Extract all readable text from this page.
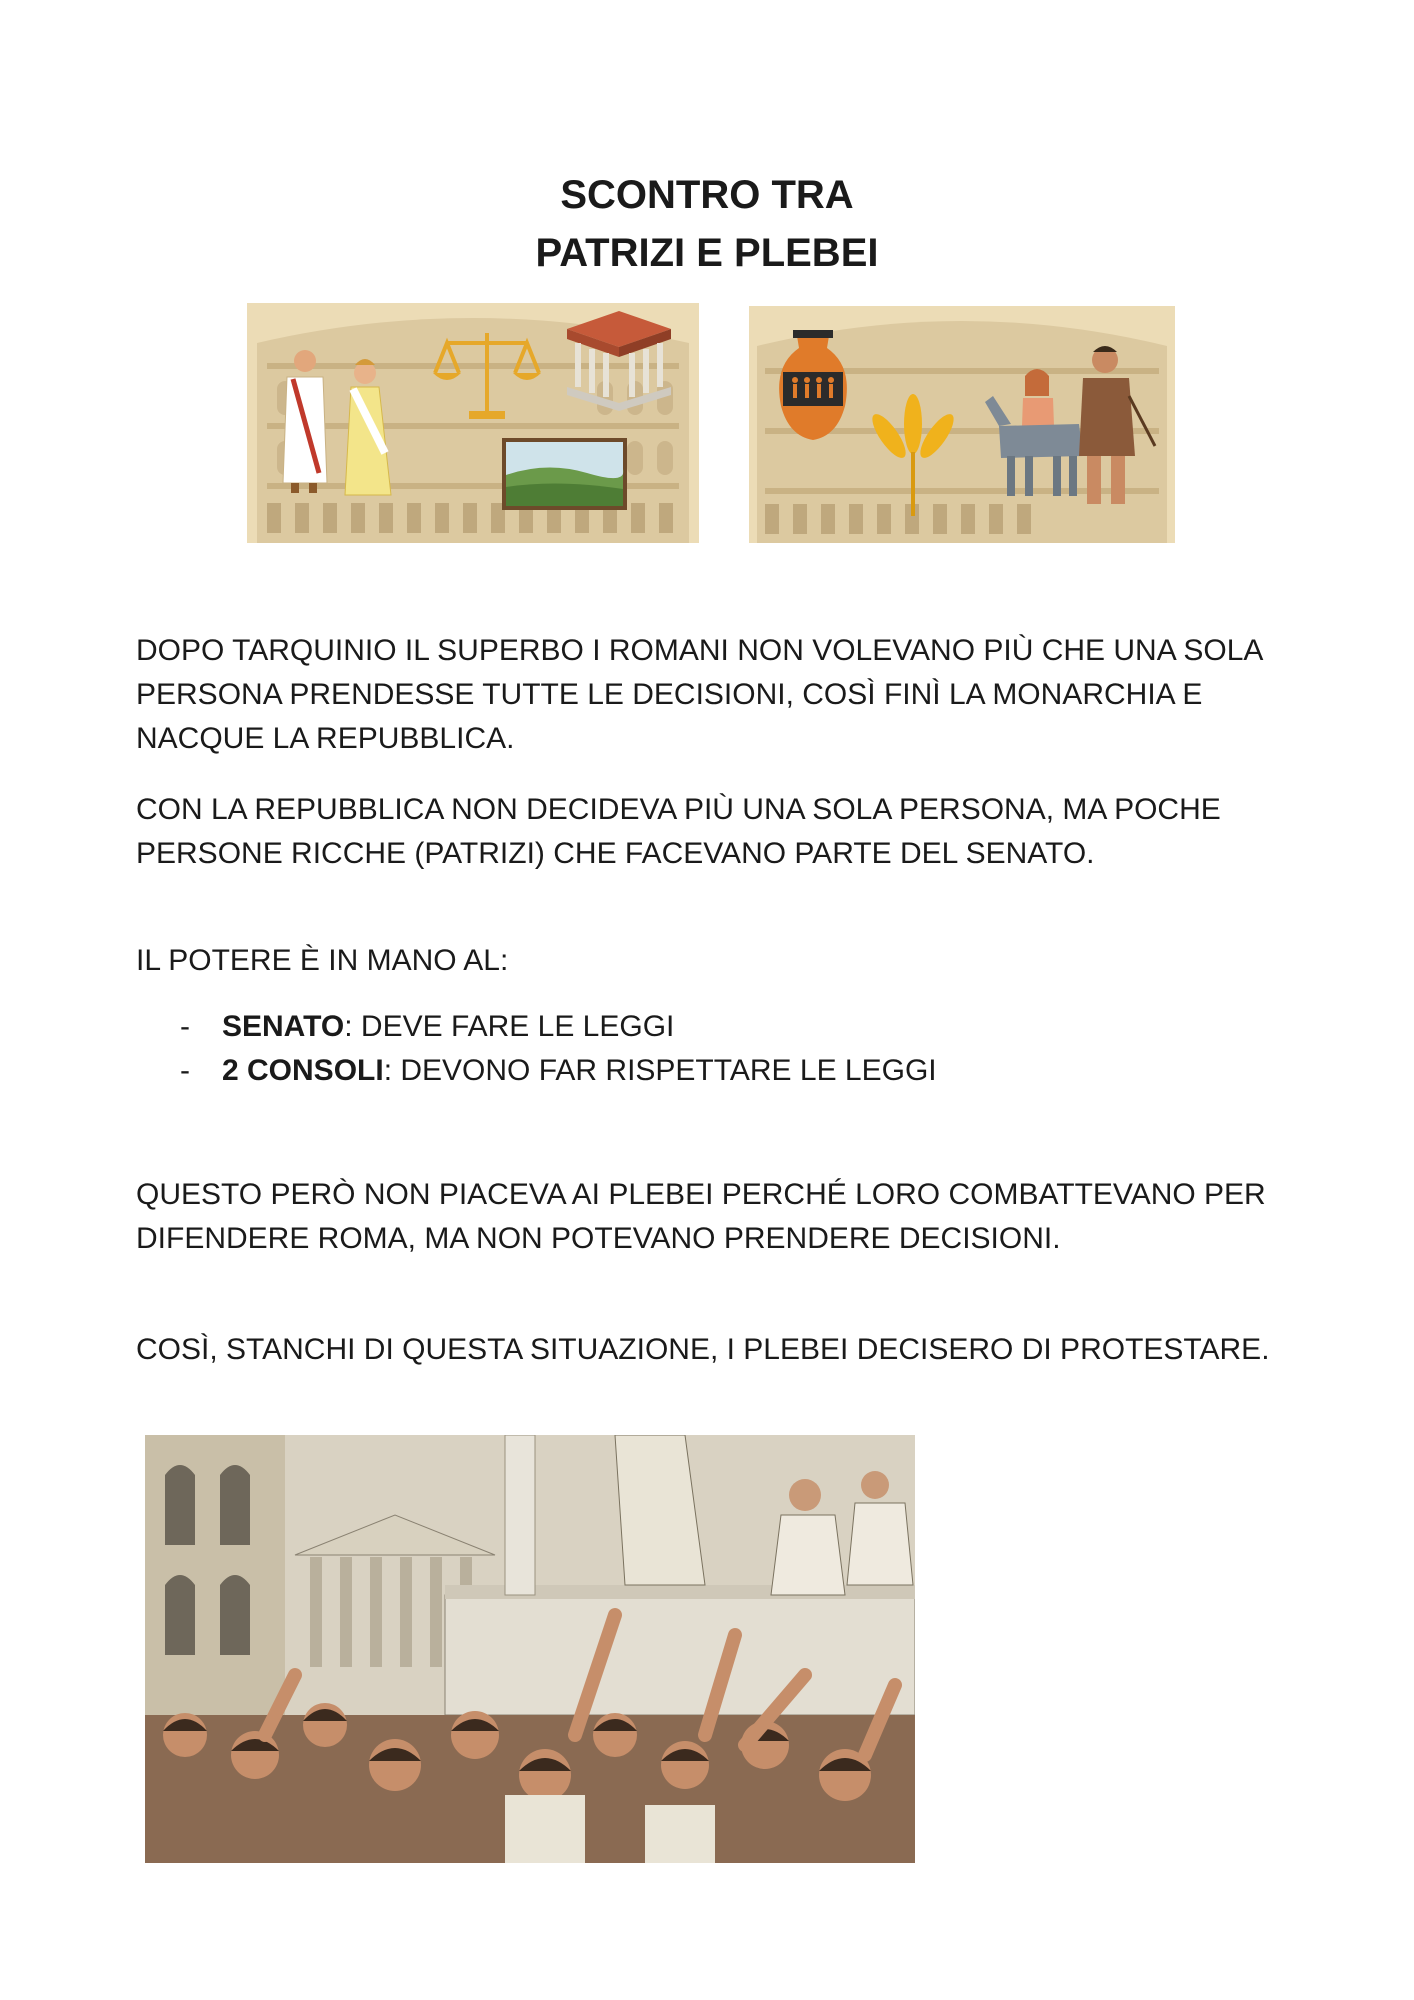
SCONTRO TRA
PATRIZI E PLEBEI
DOPO TARQUINIO IL SUPERBO I ROMANI NON VOLEVANO PIÙ CHE UNA SOLA PERSONA PRENDESSE TUTTE LE DECISIONI, COSÌ FINÌ LA MONARCHIA E NACQUE LA REPUBBLICA.
CON LA REPUBBLICA NON DECIDEVA PIÙ UNA SOLA PERSONA, MA POCHE PERSONE RICCHE (PATRIZI) CHE FACEVANO PARTE DEL SENATO.
IL POTERE È IN MANO AL:
- SENATO: DEVE FARE LE LEGGI
- 2 CONSOLI: DEVONO FAR RISPETTARE LE LEGGI
QUESTO PERÒ NON PIACEVA AI PLEBEI PERCHÉ LORO COMBATTEVANO PER DIFENDERE ROMA, MA NON POTEVANO PRENDERE DECISIONI.
COSÌ, STANCHI DI QUESTA SITUAZIONE, I PLEBEI DECISERO DI PROTESTARE.
